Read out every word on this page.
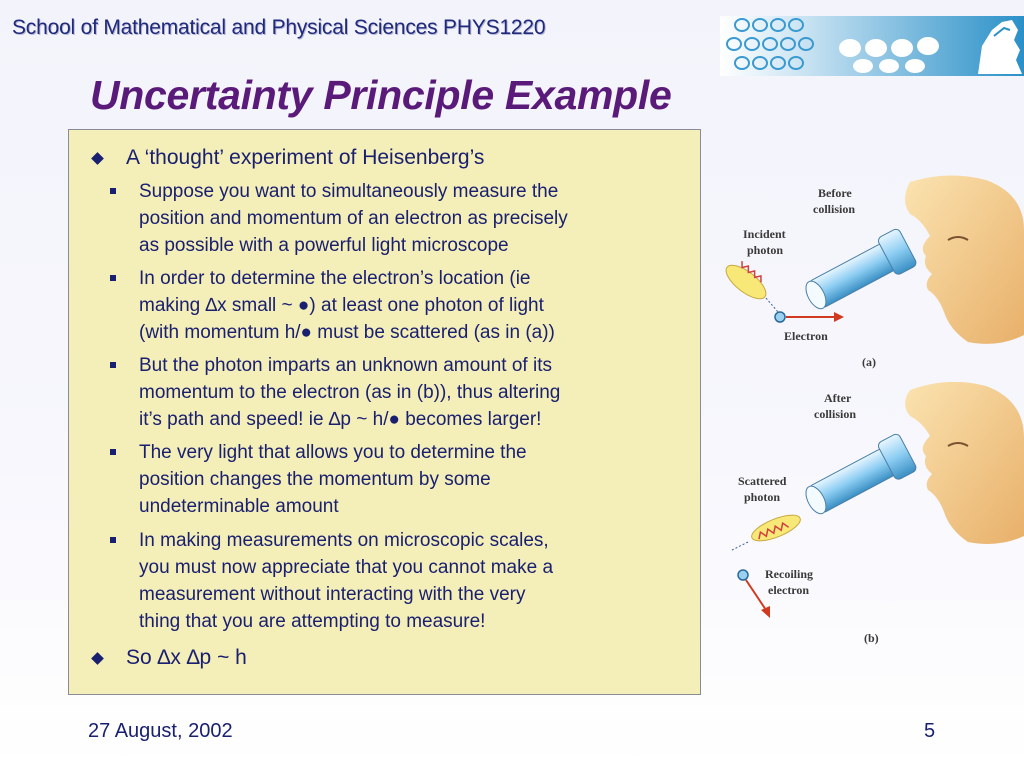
School of Mathematical and Physical Sciences PHYS1220
Uncertainty Principle Example
A ‘thought’ experiment of Heisenberg’s
Suppose you want to simultaneously measure the
position and momentum of an electron as precisely
as possible with a powerful light microscope
In order to determine the electron’s location (ie
making ∆x small ~ ●) at least one photon of light
(with momentum h/● must be scattered (as in (a))
But the photon imparts an unknown amount of its
momentum to the electron (as in (b)), thus altering
it’s path and speed! ie ∆p ~ h/● becomes larger!
The very light that allows you to determine the
position changes the momentum by some
undeterminable amount
In making measurements on microscopic scales,
you must now appreciate that you cannot make a
measurement without interacting with the very
thing that you are attempting to measure!
So ∆x ∆p ~ h
Before
collision
Incident
photon
Electron
(a)
After
collision
Scattered
photon
Recoiling
electron
(b)
27 August, 2002	5
